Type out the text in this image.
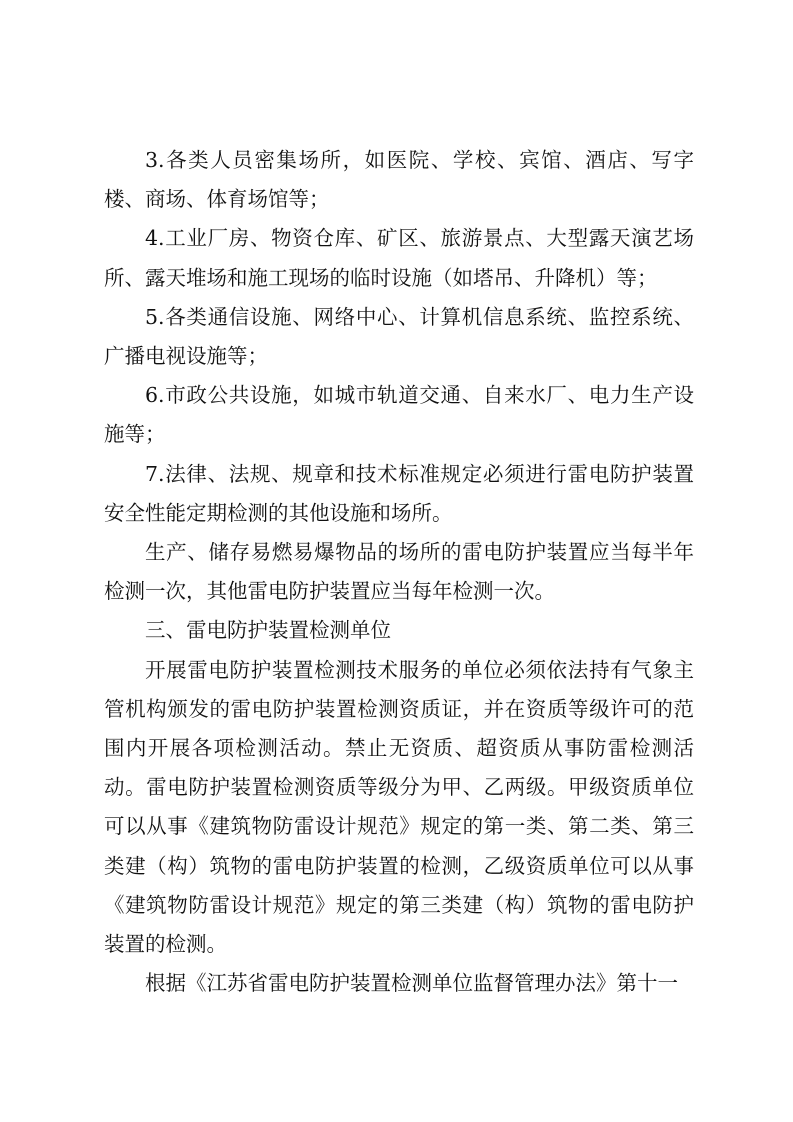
3.各类人员密集场所，如医院、学校、宾馆、酒店、写字楼、商场、体育场馆等；

4.工业厂房、物资仓库、矿区、旅游景点、大型露天演艺场所、露天堆场和施工现场的临时设施（如塔吊、升降机）等；

5.各类通信设施、网络中心、计算机信息系统、监控系统、广播电视设施等；

6.市政公共设施，如城市轨道交通、自来水厂、电力生产设施等；

7.法律、法规、规章和技术标准规定必须进行雷电防护装置安全性能定期检测的其他设施和场所。

生产、储存易燃易爆物品的场所的雷电防护装置应当每半年检测一次，其他雷电防护装置应当每年检测一次。

三、雷电防护装置检测单位

开展雷电防护装置检测技术服务的单位必须依法持有气象主管机构颁发的雷电防护装置检测资质证，并在资质等级许可的范围内开展各项检测活动。禁止无资质、超资质从事防雷检测活动。雷电防护装置检测资质等级分为甲、乙两级。甲级资质单位可以从事《建筑物防雷设计规范》规定的第一类、第二类、第三类建（构）筑物的雷电防护装置的检测，乙级资质单位可以从事《建筑物防雷设计规范》规定的第三类建（构）筑物的雷电防护装置的检测。

根据《江苏省雷电防护装置检测单位监督管理办法》第十一
